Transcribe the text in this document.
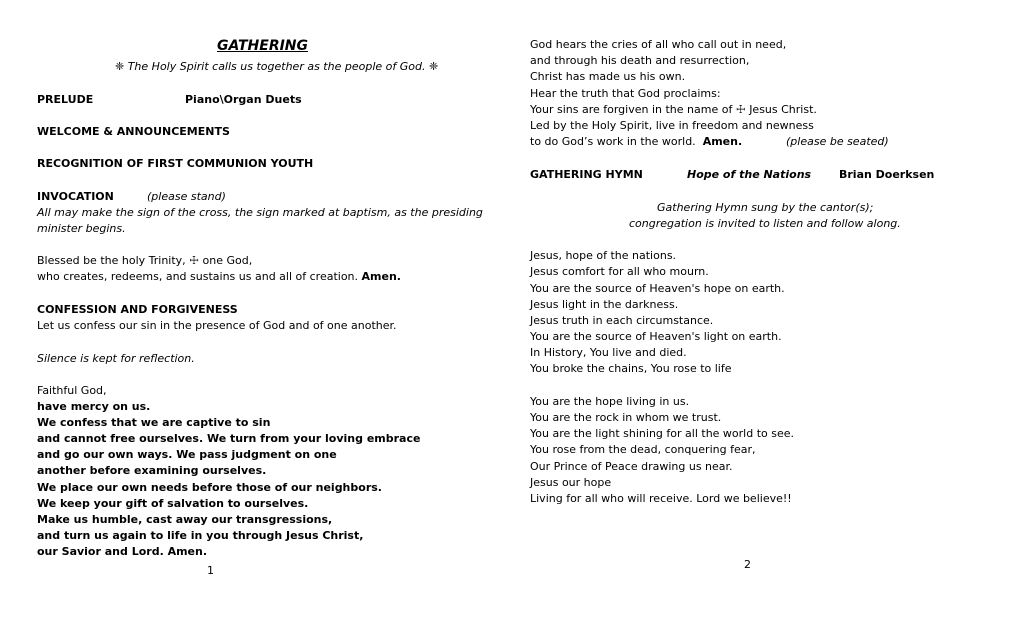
GATHERING
❈ The Holy Spirit calls us together as the people of God. ❈
PRELUDE	Piano\Organ Duets
WELCOME & ANNOUNCEMENTS
RECOGNITION OF FIRST COMMUNION YOUTH
INVOCATION	(please stand)
All may make the sign of the cross, the sign marked at baptism, as the presiding
minister begins.
Blessed be the holy Trinity, ☩ one God,
who creates, redeems, and sustains us and all of creation. Amen.
CONFESSION AND FORGIVENESS
Let us confess our sin in the presence of God and of one another.
Silence is kept for reflection.
Faithful God,
have mercy on us.
We confess that we are captive to sin
and cannot free ourselves. We turn from your loving embrace
and go our own ways. We pass judgment on one
another before examining ourselves.
We place our own needs before those of our neighbors.
We keep your gift of salvation to ourselves.
Make us humble, cast away our transgressions,
and turn us again to life in you through Jesus Christ,
our Savior and Lord. Amen.
1
God hears the cries of all who call out in need,
and through his death and resurrection,
Christ has made us his own.
Hear the truth that God proclaims:
Your sins are forgiven in the name of ☩ Jesus Christ.
Led by the Holy Spirit, live in freedom and newness
to do God’s work in the world. Amen.	(please be seated)
GATHERING HYMN	Hope of the Nations	Brian Doerksen
Gathering Hymn sung by the cantor(s);
congregation is invited to listen and follow along.
Jesus, hope of the nations.
Jesus comfort for all who mourn.
You are the source of Heaven's hope on earth.
Jesus light in the darkness.
Jesus truth in each circumstance.
You are the source of Heaven's light on earth.
In History, You live and died.
You broke the chains, You rose to life
You are the hope living in us.
You are the rock in whom we trust.
You are the light shining for all the world to see.
You rose from the dead, conquering fear,
Our Prince of Peace drawing us near.
Jesus our hope
Living for all who will receive. Lord we believe!!
2
